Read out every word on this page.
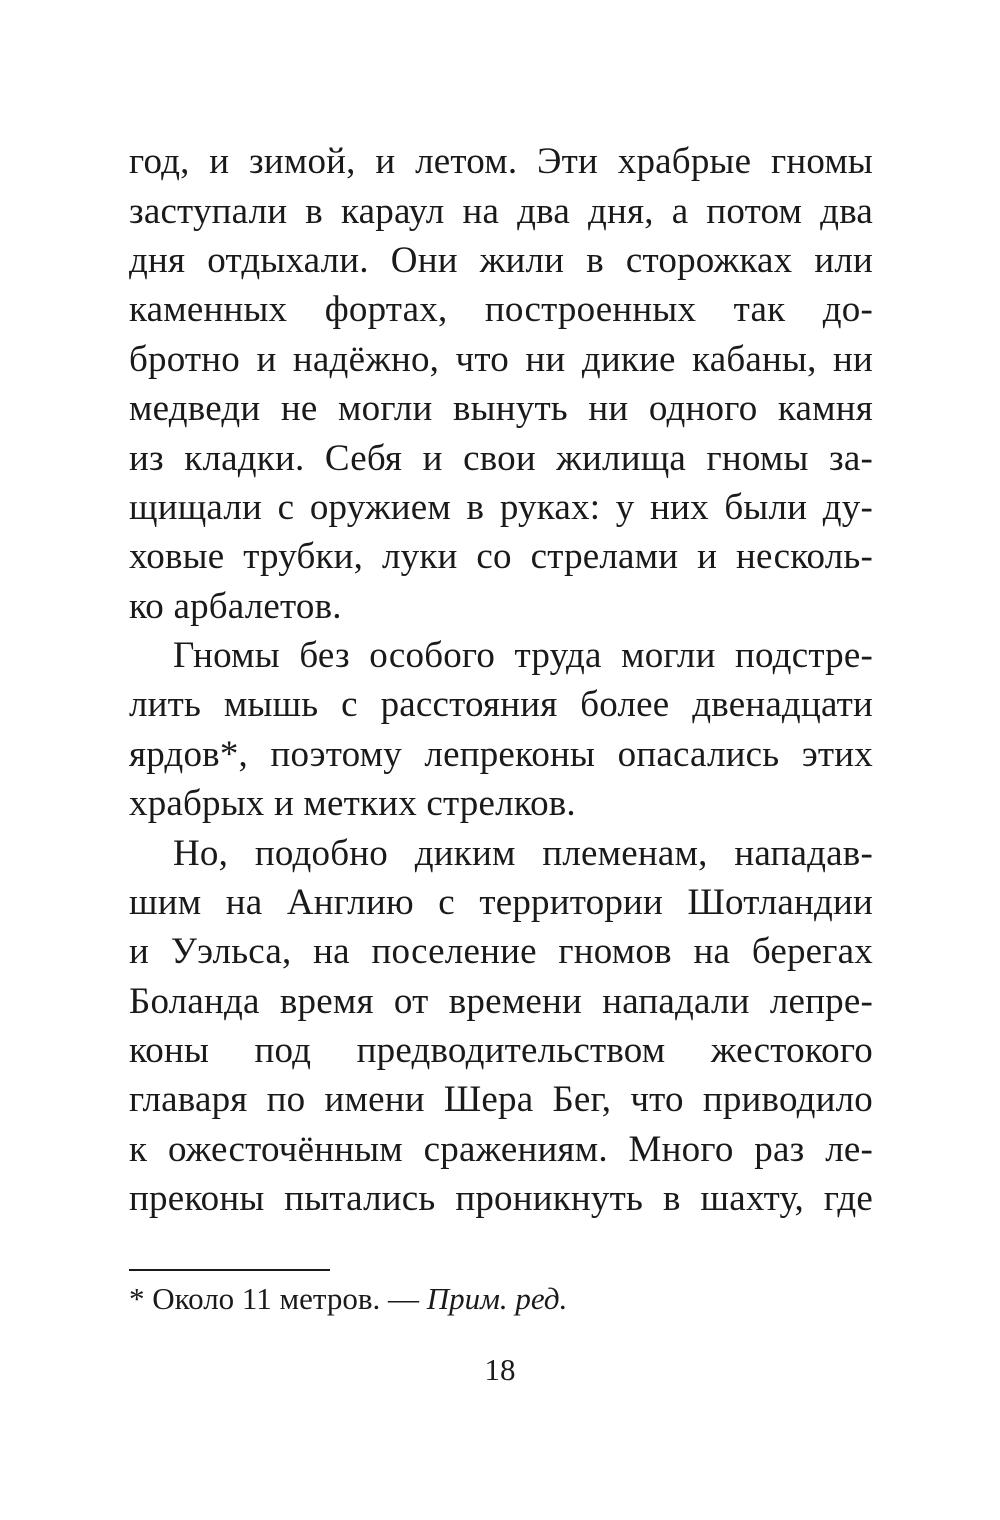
год, и зимой, и летом. Эти храбрые гномы
заступали в караул на два дня, а потом два
дня отдыхали. Они жили в сторожках или
каменных фортах, построенных так до-
бротно и надёжно, что ни дикие кабаны, ни
медведи не могли вынуть ни одного камня
из кладки. Себя и свои жилища гномы за-
щищали с оружием в руках: у них были ду-
ховые трубки, луки со стрелами и несколь-
ко арбалетов.
Гномы без особого труда могли подстре-
лить мышь с расстояния более двенадцати
ярдов*, поэтому лепреконы опасались этих
храбрых и метких стрелков.
Но, подобно диким племенам, нападав-
шим на Англию с территории Шотландии
и Уэльса, на поселение гномов на берегах
Боланда время от времени нападали лепре-
коны под предводительством жестокого
главаря по имени Шера Бег, что приводило
к ожесточённым сражениям. Много раз ле-
преконы пытались проникнуть в шахту, где
* Около 11 метров. — Прим. ред.
18
